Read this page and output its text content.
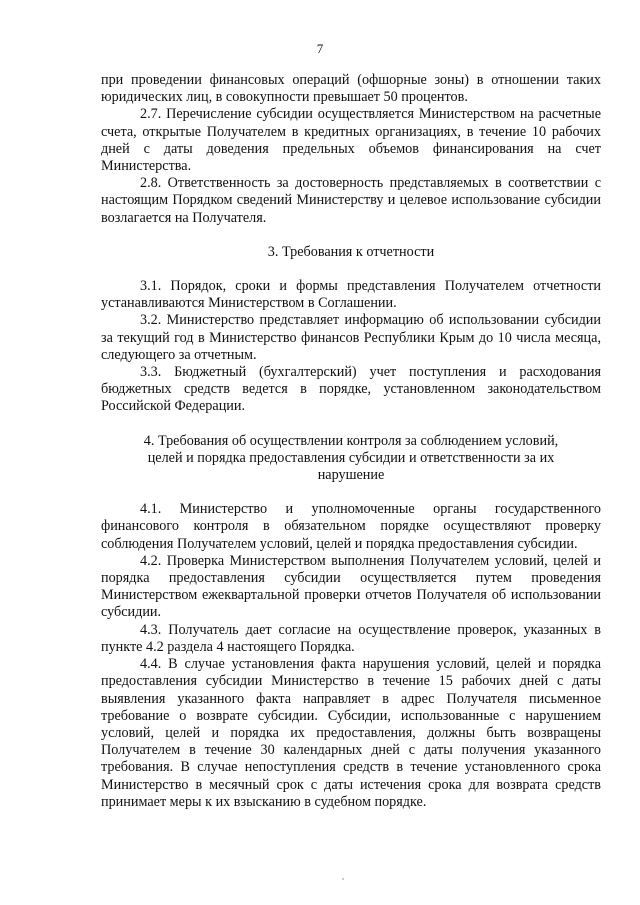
7

при проведении финансовых операций (офшорные зоны) в отношении таких юридических лиц, в совокупности превышает 50 процентов.

2.7. Перечисление субсидии осуществляется Министерством на расчетные счета, открытые Получателем в кредитных организациях, в течение 10 рабочих дней с даты доведения предельных объемов финансирования на счет Министерства.

2.8. Ответственность за достоверность представляемых в соответствии с настоящим Порядком сведений Министерству и целевое использование субсидии возлагается на Получателя.

3. Требования к отчетности

3.1. Порядок, сроки и формы представления Получателем отчетности устанавливаются Министерством в Соглашении.

3.2. Министерство представляет информацию об использовании субсидии за текущий год в Министерство финансов Республики Крым до 10 числа месяца, следующего за отчетным.

3.3. Бюджетный (бухгалтерский) учет поступления и расходования бюджетных средств ведется в порядке, установленном законодательством Российской Федерации.

4. Требования об осуществлении контроля за соблюдением условий,
целей и порядка предоставления субсидии и ответственности за их
нарушение

4.1. Министерство и уполномоченные органы государственного финансового контроля в обязательном порядке осуществляют проверку соблюдения Получателем условий, целей и порядка предоставления субсидии.

4.2. Проверка Министерством выполнения Получателем условий, целей и порядка предоставления субсидии осуществляется путем проведения Министерством ежеквартальной проверки отчетов Получателя об использовании субсидии.

4.3. Получатель дает согласие на осуществление проверок, указанных в пункте 4.2 раздела 4 настоящего Порядка.

4.4. В случае установления факта нарушения условий, целей и порядка предоставления субсидии Министерство в течение 15 рабочих дней с даты выявления указанного факта направляет в адрес Получателя письменное требование о возврате субсидии. Субсидии, использованные с нарушением условий, целей и порядка их предоставления, должны быть возвращены Получателем в течение 30 календарных дней с даты получения указанного требования. В случае непоступления средств в течение установленного срока Министерство в месячный срок с даты истечения срока для возврата средств принимает меры к их взысканию в судебном порядке.
